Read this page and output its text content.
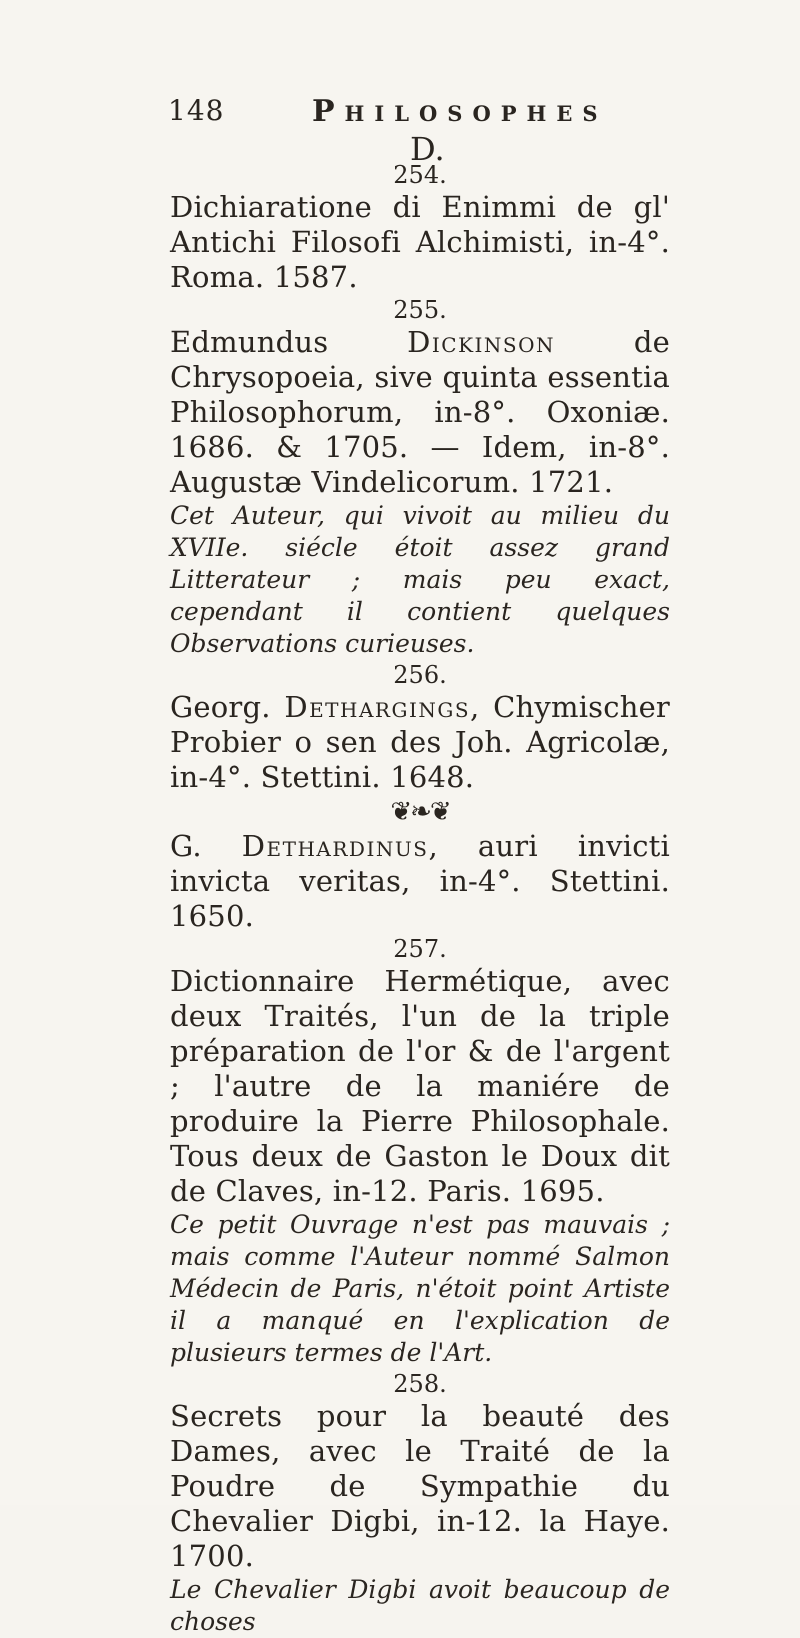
148	Philosophes
D.
254.
Dichiaratione di Enimmi de gl' Antichi Filosofi Alchimisti, in-4°. Roma. 1587.
255.
Edmundus Dickinson de Chrysopoeia, sive quinta essentia Philosophorum, in-8°. Oxoniæ. 1686. & 1705. — Idem, in-8°. Augustæ Vindelicorum. 1721.
Cet Auteur, qui vivoit au milieu du XVIIe. siécle étoit assez grand Litterateur ; mais peu exact, cependant il contient quelques Observations curieuses.
256.
Georg. Dethargings, Chymischer Probier o sen des Joh. Agricolæ, in-4°. Stettini. 1648.
❦❧❦
G. Dethardinus, auri invicti invicta veritas, in-4°. Stettini. 1650.
257.
Dictionnaire Hermétique, avec deux Traités, l'un de la triple préparation de l'or & de l'argent ; l'autre de la maniére de produire la Pierre Philosophale. Tous deux de Gaston le Doux dit de Claves, in-12. Paris. 1695.
Ce petit Ouvrage n'est pas mauvais ; mais comme l'Auteur nommé Salmon Médecin de Paris, n'étoit point Artiste il a manqué en l'explication de plusieurs termes de l'Art.
258.
Secrets pour la beauté des Dames, avec le Traité de la Poudre de Sympathie du Chevalier Digbi, in-12. la Haye. 1700.
Le Chevalier Digbi avoit beaucoup de choses
